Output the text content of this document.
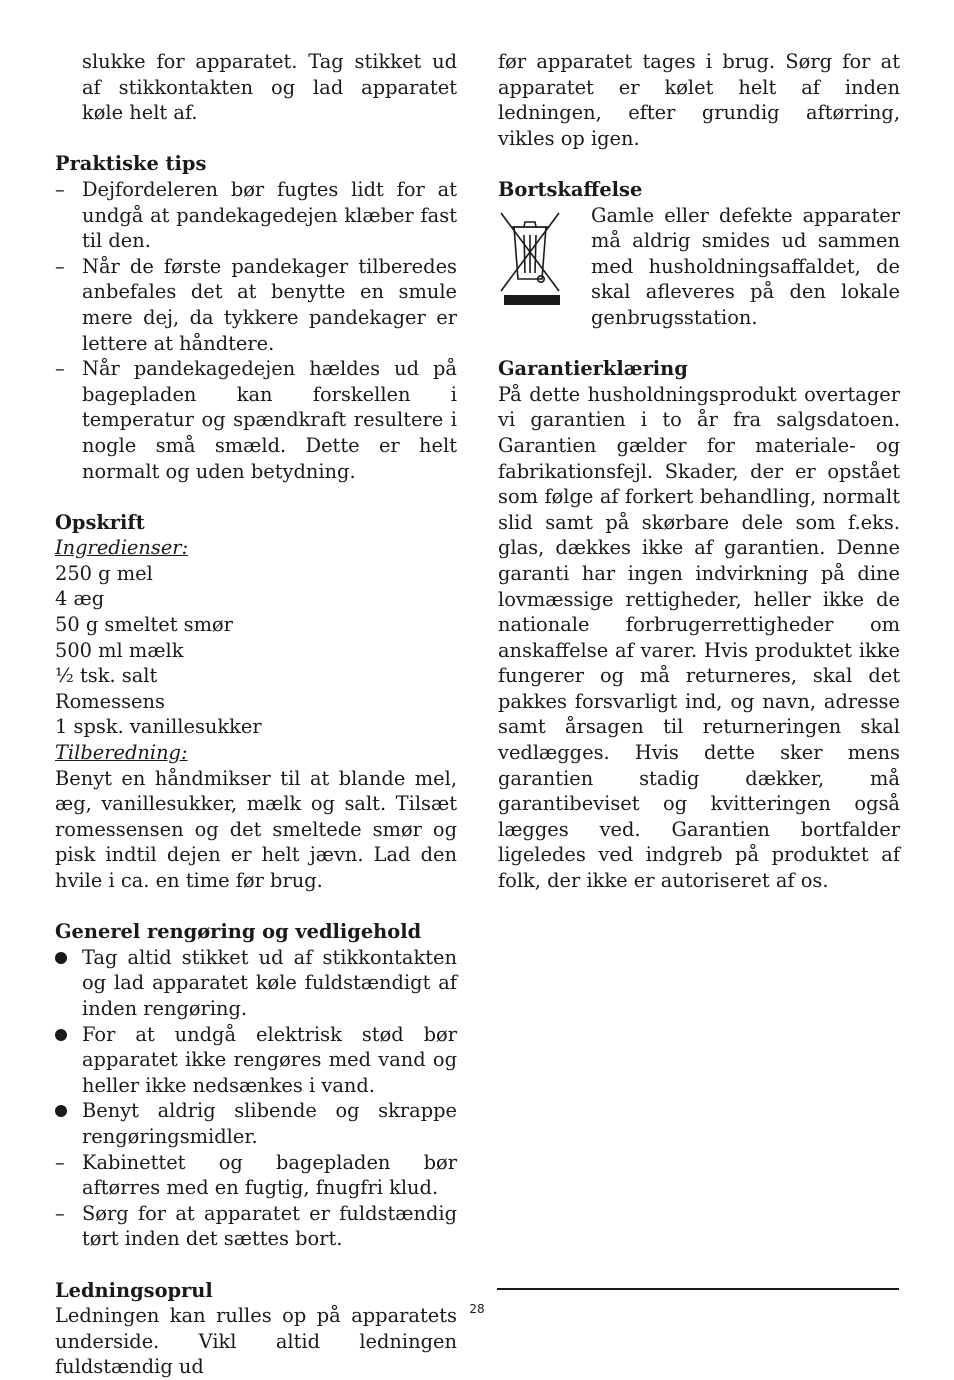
slukke for apparatet. Tag stikket ud af stikkontakten og lad apparatet køle helt af.

Praktiske tips

– Dejfordeleren bør fugtes lidt for at undgå at pandekagedejen klæber fast til den.
– Når de første pandekager tilberedes anbefales det at benytte en smule mere dej, da tykkere pandekager er lettere at håndtere.
– Når pandekagedejen hældes ud på bagepladen kan forskellen i temperatur og spændkraft resultere i nogle små smæld. Dette er helt normalt og uden betydning.

Opskrift

Ingredienser:

250 g mel

4 æg

50 g smeltet smør

500 ml mælk

½ tsk. salt

Romessens

1 spsk. vanillesukker

Tilberedning:

Benyt en håndmikser til at blande mel, æg, vanillesukker, mælk og salt. Tilsæt romessensen og det smeltede smør og pisk indtil dejen er helt jævn. Lad den hvile i ca. en time før brug.

Generel rengøring og vedligehold

Tag altid stikket ud af stikkontakten og lad apparatet køle fuldstændigt af inden rengøring.
For at undgå elektrisk stød bør apparatet ikke rengøres med vand og heller ikke nedsænkes i vand.
Benyt aldrig slibende og skrappe rengøringsmidler.
– Kabinettet og bagepladen bør aftørres med en fugtig, fnugfri klud.
– Sørg for at apparatet er fuldstændig tørt inden det sættes bort.

Ledningsoprul

Ledningen kan rulles op på apparatets underside. Vikl altid ledningen fuldstændig ud

før apparatet tages i brug. Sørg for at apparatet er kølet helt af inden ledningen, efter grundig aftørring, vikles op igen.

Bortskaffelse

Gamle eller defekte apparater må aldrig smides ud sammen med husholdningsaffaldet, de skal afleveres på den lokale genbrugsstation.

Garantierklæring

På dette husholdningsprodukt overtager vi garantien i to år fra salgsdatoen. Garantien gælder for materiale- og fabrikationsfejl. Skader, der er opstået som følge af forkert behandling, normalt slid samt på skørbare dele som f.eks. glas, dækkes ikke af garantien. Denne garanti har ingen indvirkning på dine lovmæssige rettigheder, heller ikke de nationale forbrugerrettigheder om anskaffelse af varer. Hvis produktet ikke fungerer og må returneres, skal det pakkes forsvarligt ind, og navn, adresse samt årsagen til returneringen skal vedlægges. Hvis dette sker mens garantien stadig dækker, må garantibeviset og kvitteringen også lægges ved. Garantien bortfalder ligeledes ved indgreb på produktet af folk, der ikke er autoriseret af os.

28
